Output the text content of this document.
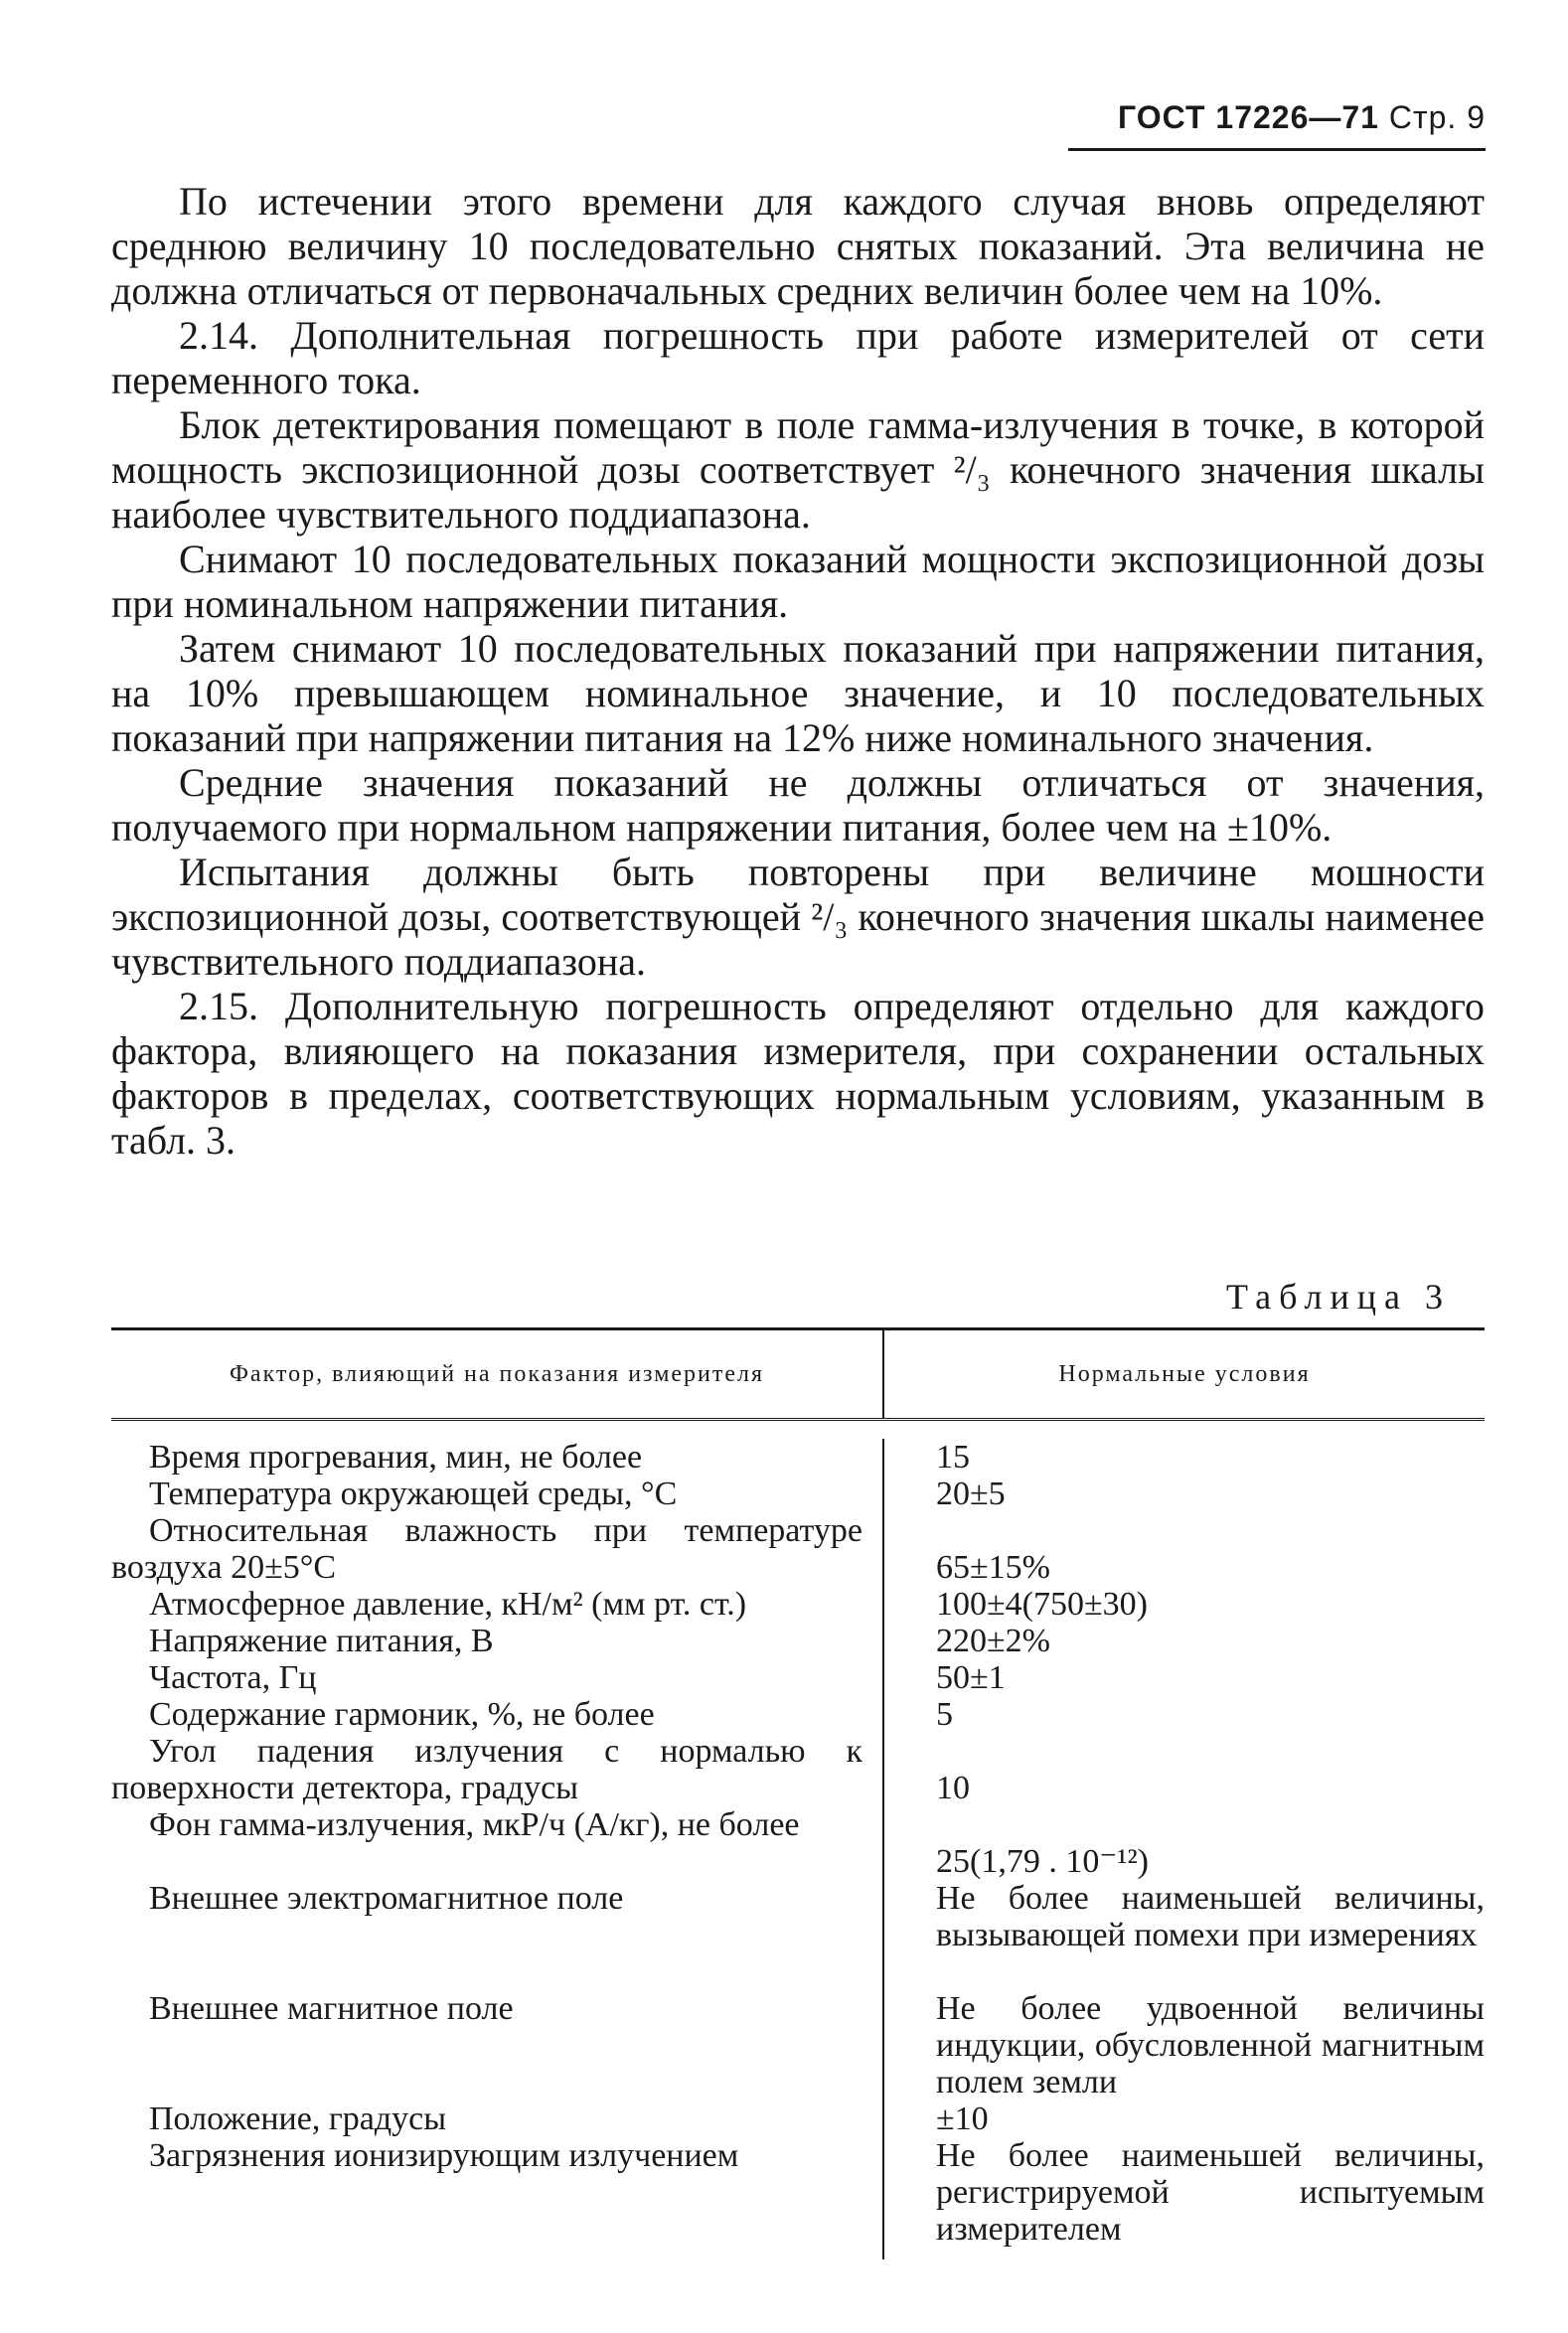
ГОСТ 17226—71 Стр. 9

По истечении этого времени для каждого случая вновь определяют среднюю величину 10 последовательно снятых показаний. Эта величина не должна отличаться от первоначальных средних величин более чем на 10%.

2.14. Дополнительная погрешность при работе измерителей от сети переменного тока.

Блок детектирования помещают в поле гамма-излучения в точке, в которой мощность экспозиционной дозы соответствует ²/₃ конечного значения шкалы наиболее чувствительного поддиапазона.

Снимают 10 последовательных показаний мощности экспозиционной дозы при номинальном напряжении питания.

Затем снимают 10 последовательных показаний при напряжении питания, на 10% превышающем номинальное значение, и 10 последовательных показаний при напряжении питания на 12% ниже номинального значения.

Средние значения показаний не должны отличаться от значения, получаемого при нормальном напряжении питания, более чем на ±10%.

Испытания должны быть повторены при величине мошности экспозиционной дозы, соответствующей ²/₃ конечного значения шкалы наименее чувствительного поддиапазона.

2.15. Дополнительную погрешность определяют отдельно для каждого фактора, влияющего на показания измерителя, при сохранении остальных факторов в пределах, соответствующих нормальным условиям, указанным в табл. 3.

Таблица 3
Фактор, влияющий на показания измерителя	Нормальные условия
Время прогревания, мин, не более
Температура окружающей среды, °С
Относительная влажность при температуре воздуха 20±5°С
Атмосферное давление, кН/м² (мм рт. ст.)
Напряжение питания, В
Частота, Гц
Содержание гармоник, %, не более
Угол падения излучения с нормалью к поверхности детектора, градусы
Фон гамма-излучения, мкР/ч (А/кг), не более
Внешнее электромагнитное поле
Внешнее магнитное поле
Положение, градусы
Загрязнения ионизирующим излучением
15
20±5
65±15%
100±4(750±30)
220±2%
50±1
5
10
25(1,79 . 10⁻¹²)
Не более наименьшей величины, вызывающей помехи при измерениях
Не более удвоенной величины индукции, обусловленной магнитным полем земли
±10
Не более наименьшей величины, регистрируемой испытуемым измерителем
